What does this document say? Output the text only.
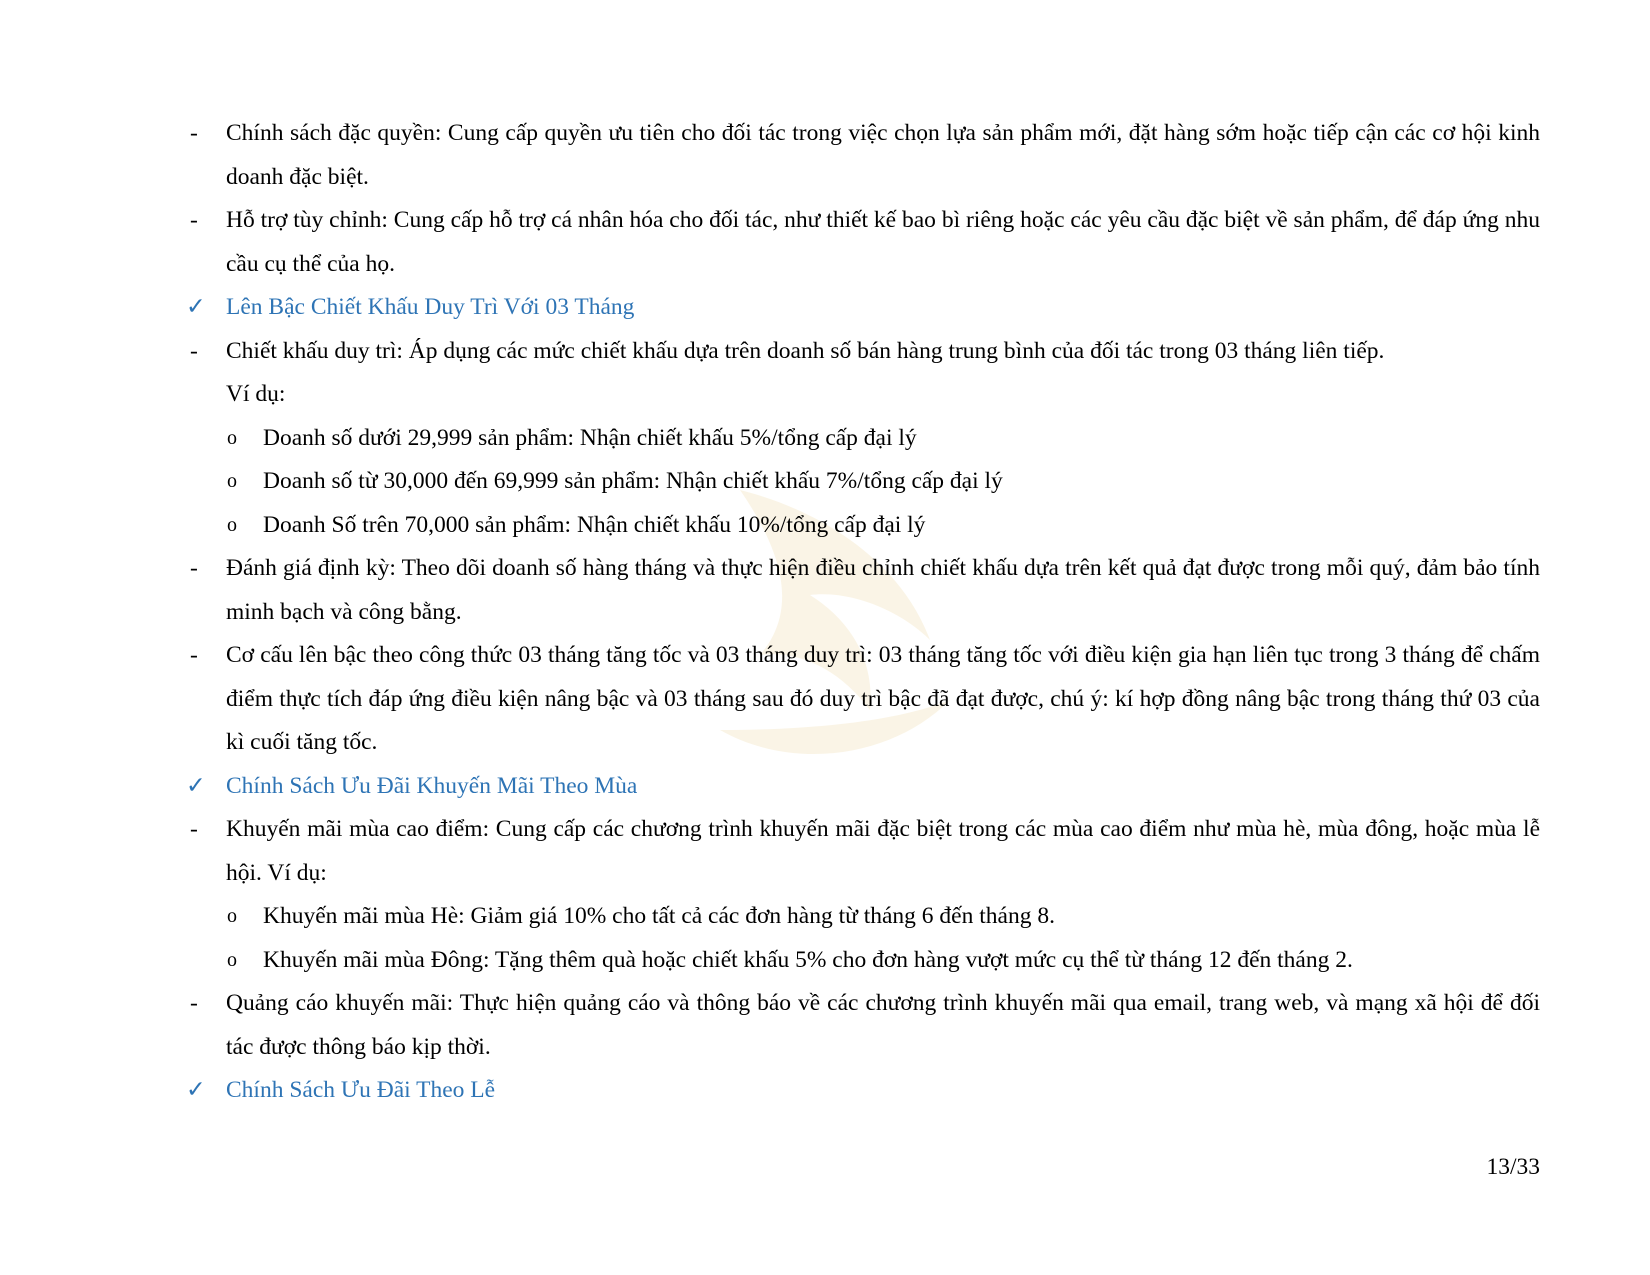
- Chính sách đặc quyền: Cung cấp quyền ưu tiên cho đối tác trong việc chọn lựa sản phẩm mới, đặt hàng sớm hoặc tiếp cận các cơ hội kinh doanh đặc biệt.
- Hỗ trợ tùy chỉnh: Cung cấp hỗ trợ cá nhân hóa cho đối tác, như thiết kế bao bì riêng hoặc các yêu cầu đặc biệt về sản phẩm, để đáp ứng nhu cầu cụ thể của họ.
✓ Lên Bậc Chiết Khấu Duy Trì Với 03 Tháng
- Chiết khấu duy trì: Áp dụng các mức chiết khấu dựa trên doanh số bán hàng trung bình của đối tác trong 03 tháng liên tiếp.
Ví dụ:
o Doanh số dưới 29,999 sản phẩm: Nhận chiết khấu 5%/tổng cấp đại lý
o Doanh số từ 30,000 đến 69,999 sản phẩm: Nhận chiết khấu 7%/tổng cấp đại lý
o Doanh Số trên 70,000 sản phẩm: Nhận chiết khấu 10%/tổng cấp đại lý
- Đánh giá định kỳ: Theo dõi doanh số hàng tháng và thực hiện điều chỉnh chiết khấu dựa trên kết quả đạt được trong mỗi quý, đảm bảo tính minh bạch và công bằng.
- Cơ cấu lên bậc theo công thức 03 tháng tăng tốc và 03 tháng duy trì: 03 tháng tăng tốc với điều kiện gia hạn liên tục trong 3 tháng để chấm điểm thực tích đáp ứng điều kiện nâng bậc và 03 tháng sau đó duy trì bậc đã đạt được, chú ý: kí hợp đồng nâng bậc trong tháng thứ 03 của kì cuối tăng tốc.
✓ Chính Sách Ưu Đãi Khuyến Mãi Theo Mùa
- Khuyến mãi mùa cao điểm: Cung cấp các chương trình khuyến mãi đặc biệt trong các mùa cao điểm như mùa hè, mùa đông, hoặc mùa lễ hội. Ví dụ:
o Khuyến mãi mùa Hè: Giảm giá 10% cho tất cả các đơn hàng từ tháng 6 đến tháng 8.
o Khuyến mãi mùa Đông: Tặng thêm quà hoặc chiết khấu 5% cho đơn hàng vượt mức cụ thể từ tháng 12 đến tháng 2.
- Quảng cáo khuyến mãi: Thực hiện quảng cáo và thông báo về các chương trình khuyến mãi qua email, trang web, và mạng xã hội để đối tác được thông báo kịp thời.
✓ Chính Sách Ưu Đãi Theo Lễ
13/33
